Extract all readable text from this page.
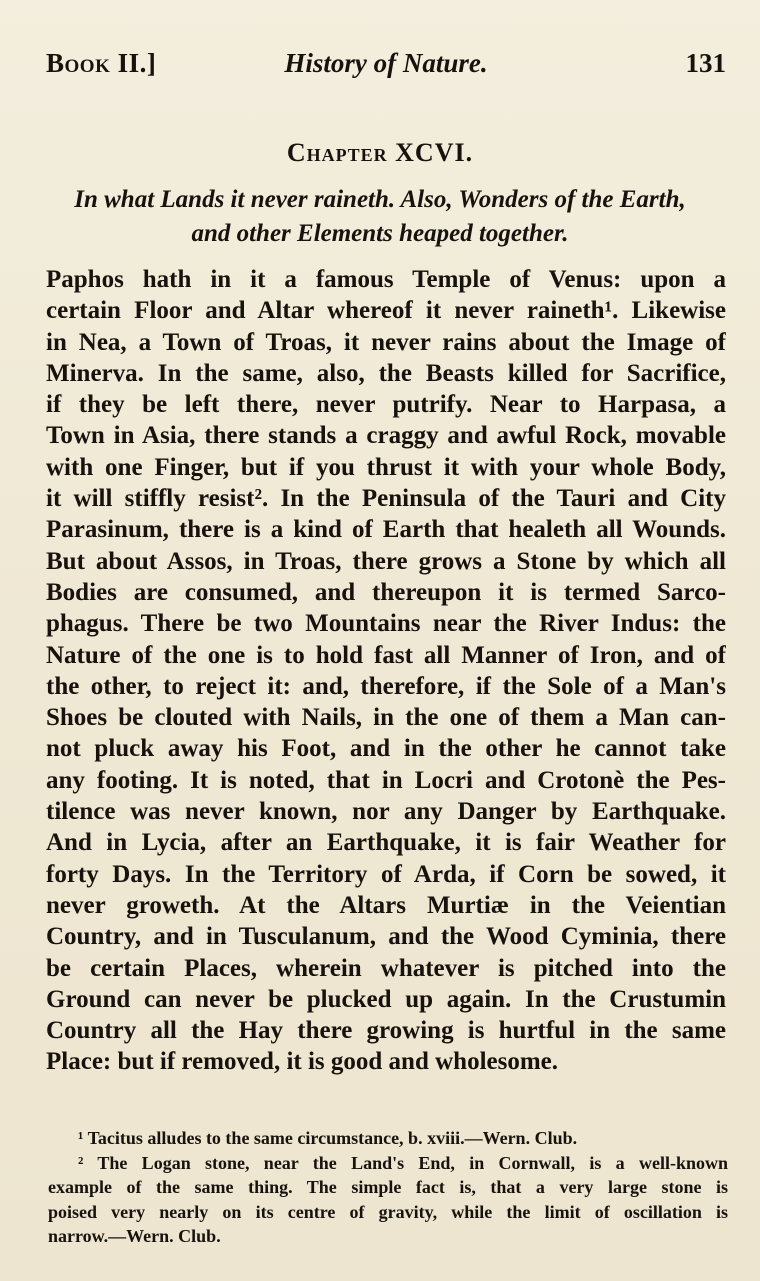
Book II.]	History of Nature.	131
Chapter XCVI.
In what Lands it never raineth. Also, Wonders of the Earth,
and other Elements heaped together.
Paphos hath in it a famous Temple of Venus: upon a
certain Floor and Altar whereof it never raineth¹. Likewise
in Nea, a Town of Troas, it never rains about the Image of
Minerva. In the same, also, the Beasts killed for Sacrifice,
if they be left there, never putrify. Near to Harpasa, a
Town in Asia, there stands a craggy and awful Rock, movable
with one Finger, but if you thrust it with your whole Body,
it will stiffly resist². In the Peninsula of the Tauri and City
Parasinum, there is a kind of Earth that healeth all Wounds.
But about Assos, in Troas, there grows a Stone by which all
Bodies are consumed, and thereupon it is termed Sarco-
phagus. There be two Mountains near the River Indus: the
Nature of the one is to hold fast all Manner of Iron, and of
the other, to reject it: and, therefore, if the Sole of a Man's
Shoes be clouted with Nails, in the one of them a Man can-
not pluck away his Foot, and in the other he cannot take
any footing. It is noted, that in Locri and Crotonè the Pes-
tilence was never known, nor any Danger by Earthquake.
And in Lycia, after an Earthquake, it is fair Weather for
forty Days. In the Territory of Arda, if Corn be sowed, it
never groweth. At the Altars Murtiæ in the Veientian
Country, and in Tusculanum, and the Wood Cyminia, there
be certain Places, wherein whatever is pitched into the
Ground can never be plucked up again. In the Crustumin
Country all the Hay there growing is hurtful in the same
Place: but if removed, it is good and wholesome.
¹ Tacitus alludes to the same circumstance, b. xviii.—Wern. Club.
² The Logan stone, near the Land's End, in Cornwall, is a well-known
example of the same thing. The simple fact is, that a very large stone is
poised very nearly on its centre of gravity, while the limit of oscillation is
narrow.—Wern. Club.
